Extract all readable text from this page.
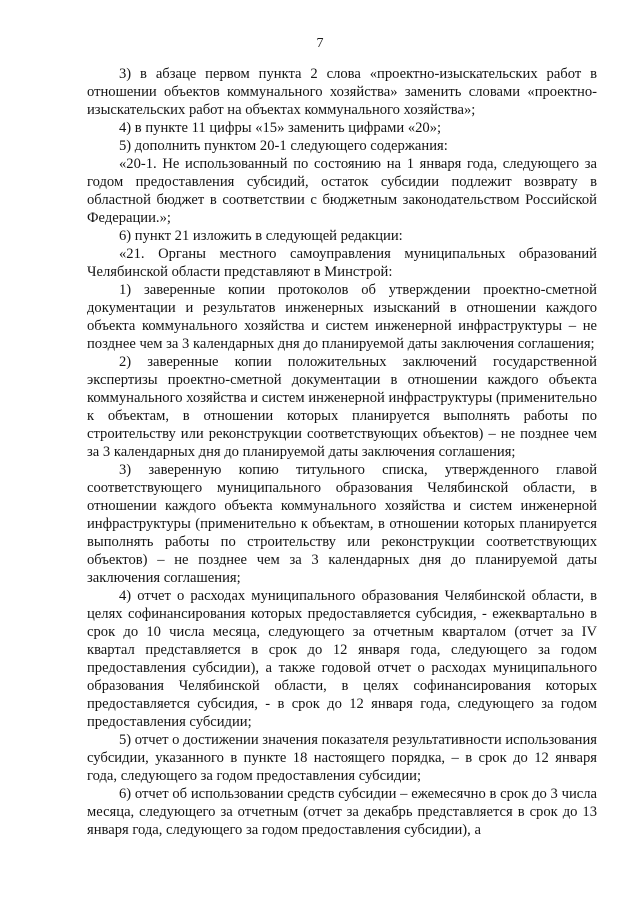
7

3) в абзаце первом пункта 2 слова «проектно-изыскательских работ в отношении объектов коммунального хозяйства» заменить словами «проектно-изыскательских работ на объектах коммунального хозяйства»;

4) в пункте 11 цифры «15» заменить цифрами «20»;

5) дополнить пунктом 20-1 следующего содержания:

«20-1. Не использованный по состоянию на 1 января года, следующего за годом предоставления субсидий, остаток субсидии подлежит возврату в областной бюджет в соответствии с бюджетным законодательством Российской Федерации.»;

6) пункт 21 изложить в следующей редакции:

«21. Органы местного самоуправления муниципальных образований Челябинской области представляют в Минстрой:

1) заверенные копии протоколов об утверждении проектно-сметной документации и результатов инженерных изысканий в отношении каждого объекта коммунального хозяйства и систем инженерной инфраструктуры – не позднее чем за 3 календарных дня до планируемой даты заключения соглашения;

2) заверенные копии положительных заключений государственной экспертизы проектно-сметной документации в отношении каждого объекта коммунального хозяйства и систем инженерной инфраструктуры (применительно к объектам, в отношении которых планируется выполнять работы по строительству или реконструкции соответствующих объектов) – не позднее чем за 3 календарных дня до планируемой даты заключения соглашения;

3) заверенную копию титульного списка, утвержденного главой соответствующего муниципального образования Челябинской области, в отношении каждого объекта коммунального хозяйства и систем инженерной инфраструктуры (применительно к объектам, в отношении которых планируется выполнять работы по строительству или реконструкции соответствующих объектов) – не позднее чем за 3 календарных дня до планируемой даты заключения соглашения;

4) отчет о расходах муниципального образования Челябинской области, в целях софинансирования которых предоставляется субсидия, - ежеквартально в срок до 10 числа месяца, следующего за отчетным кварталом (отчет за IV квартал представляется в срок до 12 января года, следующего за годом предоставления субсидии), а также годовой отчет о расходах муниципального образования Челябинской области, в целях софинансирования которых предоставляется субсидия, - в срок до 12 января года, следующего за годом предоставления субсидии;

5) отчет о достижении значения показателя результативности использования субсидии, указанного в пункте 18 настоящего порядка, – в срок до 12 января года, следующего за годом предоставления субсидии;

6) отчет об использовании средств субсидии – ежемесячно в срок до 3 числа месяца, следующего за отчетным (отчет за декабрь представляется в срок до 13 января года, следующего за годом предоставления субсидии), а
